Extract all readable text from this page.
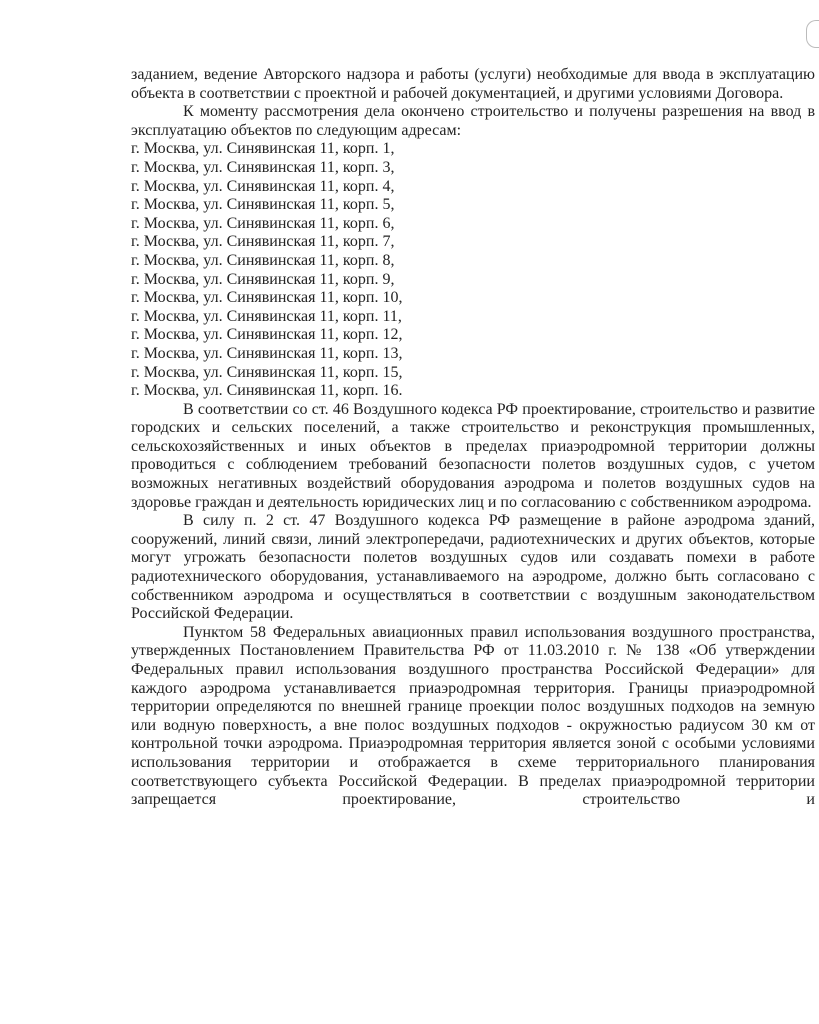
заданием, ведение Авторского надзора и работы (услуги) необходимые для ввода в эксплуатацию объекта в соответствии с проектной и рабочей документацией, и другими условиями Договора.

К моменту рассмотрения дела окончено строительство и получены разрешения на ввод в эксплуатацию объектов по следующим адресам:

г. Москва, ул. Синявинская 11, корп. 1,
г. Москва, ул. Синявинская 11, корп. 3,
г. Москва, ул. Синявинская 11, корп. 4,
г. Москва, ул. Синявинская 11, корп. 5,
г. Москва, ул. Синявинская 11, корп. 6,
г. Москва, ул. Синявинская 11, корп. 7,
г. Москва, ул. Синявинская 11, корп. 8,
г. Москва, ул. Синявинская 11, корп. 9,
г. Москва, ул. Синявинская 11, корп. 10,
г. Москва, ул. Синявинская 11, корп. 11,
г. Москва, ул. Синявинская 11, корп. 12,
г. Москва, ул. Синявинская 11, корп. 13,
г. Москва, ул. Синявинская 11, корп. 15,
г. Москва, ул. Синявинская 11, корп. 16.

В соответствии со ст. 46 Воздушного кодекса РФ проектирование, строительство и развитие городских и сельских поселений, а также строительство и реконструкция промышленных, сельскохозяйственных и иных объектов в пределах приаэродромной территории должны проводиться с соблюдением требований безопасности полетов воздушных судов, с учетом возможных негативных воздействий оборудования аэродрома и полетов воздушных судов на здоровье граждан и деятельность юридических лиц и по согласованию с собственником аэродрома.

В силу п. 2 ст. 47 Воздушного кодекса РФ размещение в районе аэродрома зданий, сооружений, линий связи, линий электропередачи, радиотехнических и других объектов, которые могут угрожать безопасности полетов воздушных судов или создавать помехи в работе радиотехнического оборудования, устанавливаемого на аэродроме, должно быть согласовано с собственником аэродрома и осуществляться в соответствии с воздушным законодательством Российской Федерации.

Пунктом 58 Федеральных авиационных правил использования воздушного пространства, утвержденных Постановлением Правительства РФ от 11.03.2010 г. № 138 «Об утверждении Федеральных правил использования воздушного пространства Российской Федерации» для каждого аэродрома устанавливается приаэродромная территория. Границы приаэродромной территории определяются по внешней границе проекции полос воздушных подходов на земную или водную поверхность, а вне полос воздушных подходов - окружностью радиусом 30 км от контрольной точки аэродрома. Приаэродромная территория является зоной с особыми условиями использования территории и отображается в схеме территориального планирования соответствующего субъекта Российской Федерации. В пределах приаэродромной территории запрещается проектирование, строительство и
